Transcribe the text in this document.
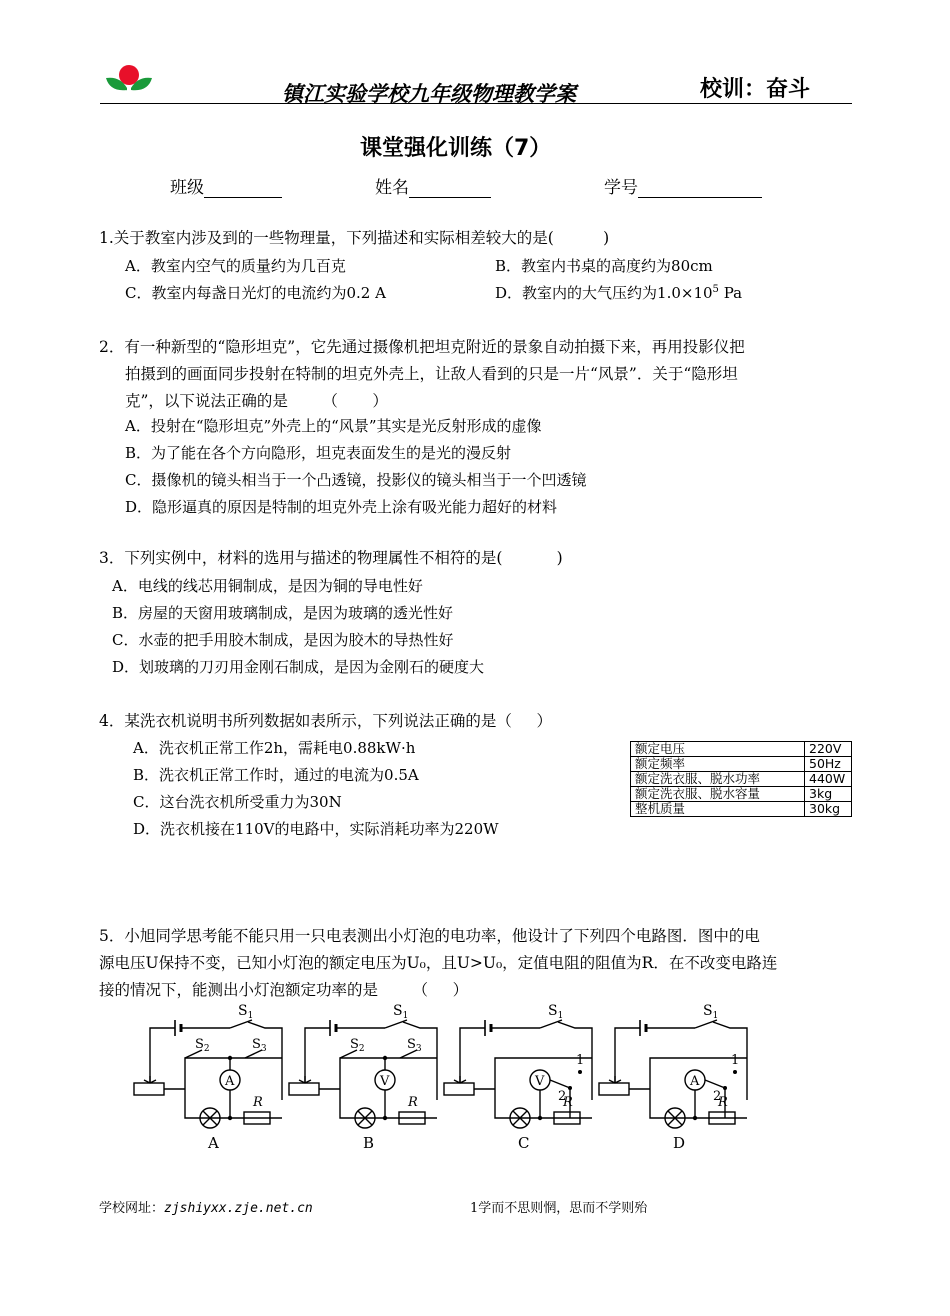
镇江实验学校九年级物理教学案	校训：奋斗
课堂强化训练（7）
班级	姓名	学号
1.关于教室内涉及到的一些物理量，下列描述和实际相差较大的是(          )
A．教室内空气的质量约为几百克	B．教室内书桌的高度约为80cm
C．教室内每盏日光灯的电流约为0.2 A	D．教室内的大气压约为$1.0\times 10^5$ Pa
2．有一种新型的“隐形坦克”，它先通过摄像机把坦克附近的景象自动拍摄下来，再用投影仪把
拍摄到的画面同步投射在特制的坦克外壳上，让敌人看到的只是一片“风景”．关于“隐形坦
克”，以下说法正确的是       （       ）
A．投射在“隐形坦克”外壳上的“风景”其实是光反射形成的虚像
B．为了能在各个方向隐形，坦克表面发生的是光的漫反射
C．摄像机的镜头相当于一个凸透镜，投影仪的镜头相当于一个凹透镜
D．隐形逼真的原因是特制的坦克外壳上涂有吸光能力超好的材料
3．下列实例中，材料的选用与描述的物理属性不相符的是(           )
A．电线的线芯用铜制成，是因为铜的导电性好
B．房屋的天窗用玻璃制成，是因为玻璃的透光性好
C．水壶的把手用胶木制成，是因为胶木的导热性好
D．划玻璃的刀刃用金刚石制成，是因为金刚石的硬度大
4．某洗衣机说明书所列数据如表所示，下列说法正确的是（     ）
A．洗衣机正常工作2h，需耗电0.88kW·h
B．洗衣机正常工作时，通过的电流为0.5A
C．这台洗衣机所受重力为30N
D．洗衣机接在110V的电路中，实际消耗功率为220W
额定电压	220V
额定频率	50Hz
额定洗衣服、脱水功率	440W
额定洗衣服、脱水容量	3kg
整机质量	30kg
5．小旭同学思考能不能只用一只电表测出小灯泡的电功率，他设计了下列四个电路图．图中的电
源电压U保持不变，已知小灯泡的额定电压为U₀，且U>U₀，定值电阻的阻值为R．在不改变电路连
接的情况下，能测出小灯泡额定功率的是       （     ）
$S_1$
R
A
$S_2$	$S_3$
A
$S_1$
R
V
$S_2$	$S_3$
B
$S_1$
R
V
1
2
C
$S_1$
R
A
1
2
D
学校网址：zjshiyxx.zje.net.cn	1学而不思则惘，思而不学则殆
